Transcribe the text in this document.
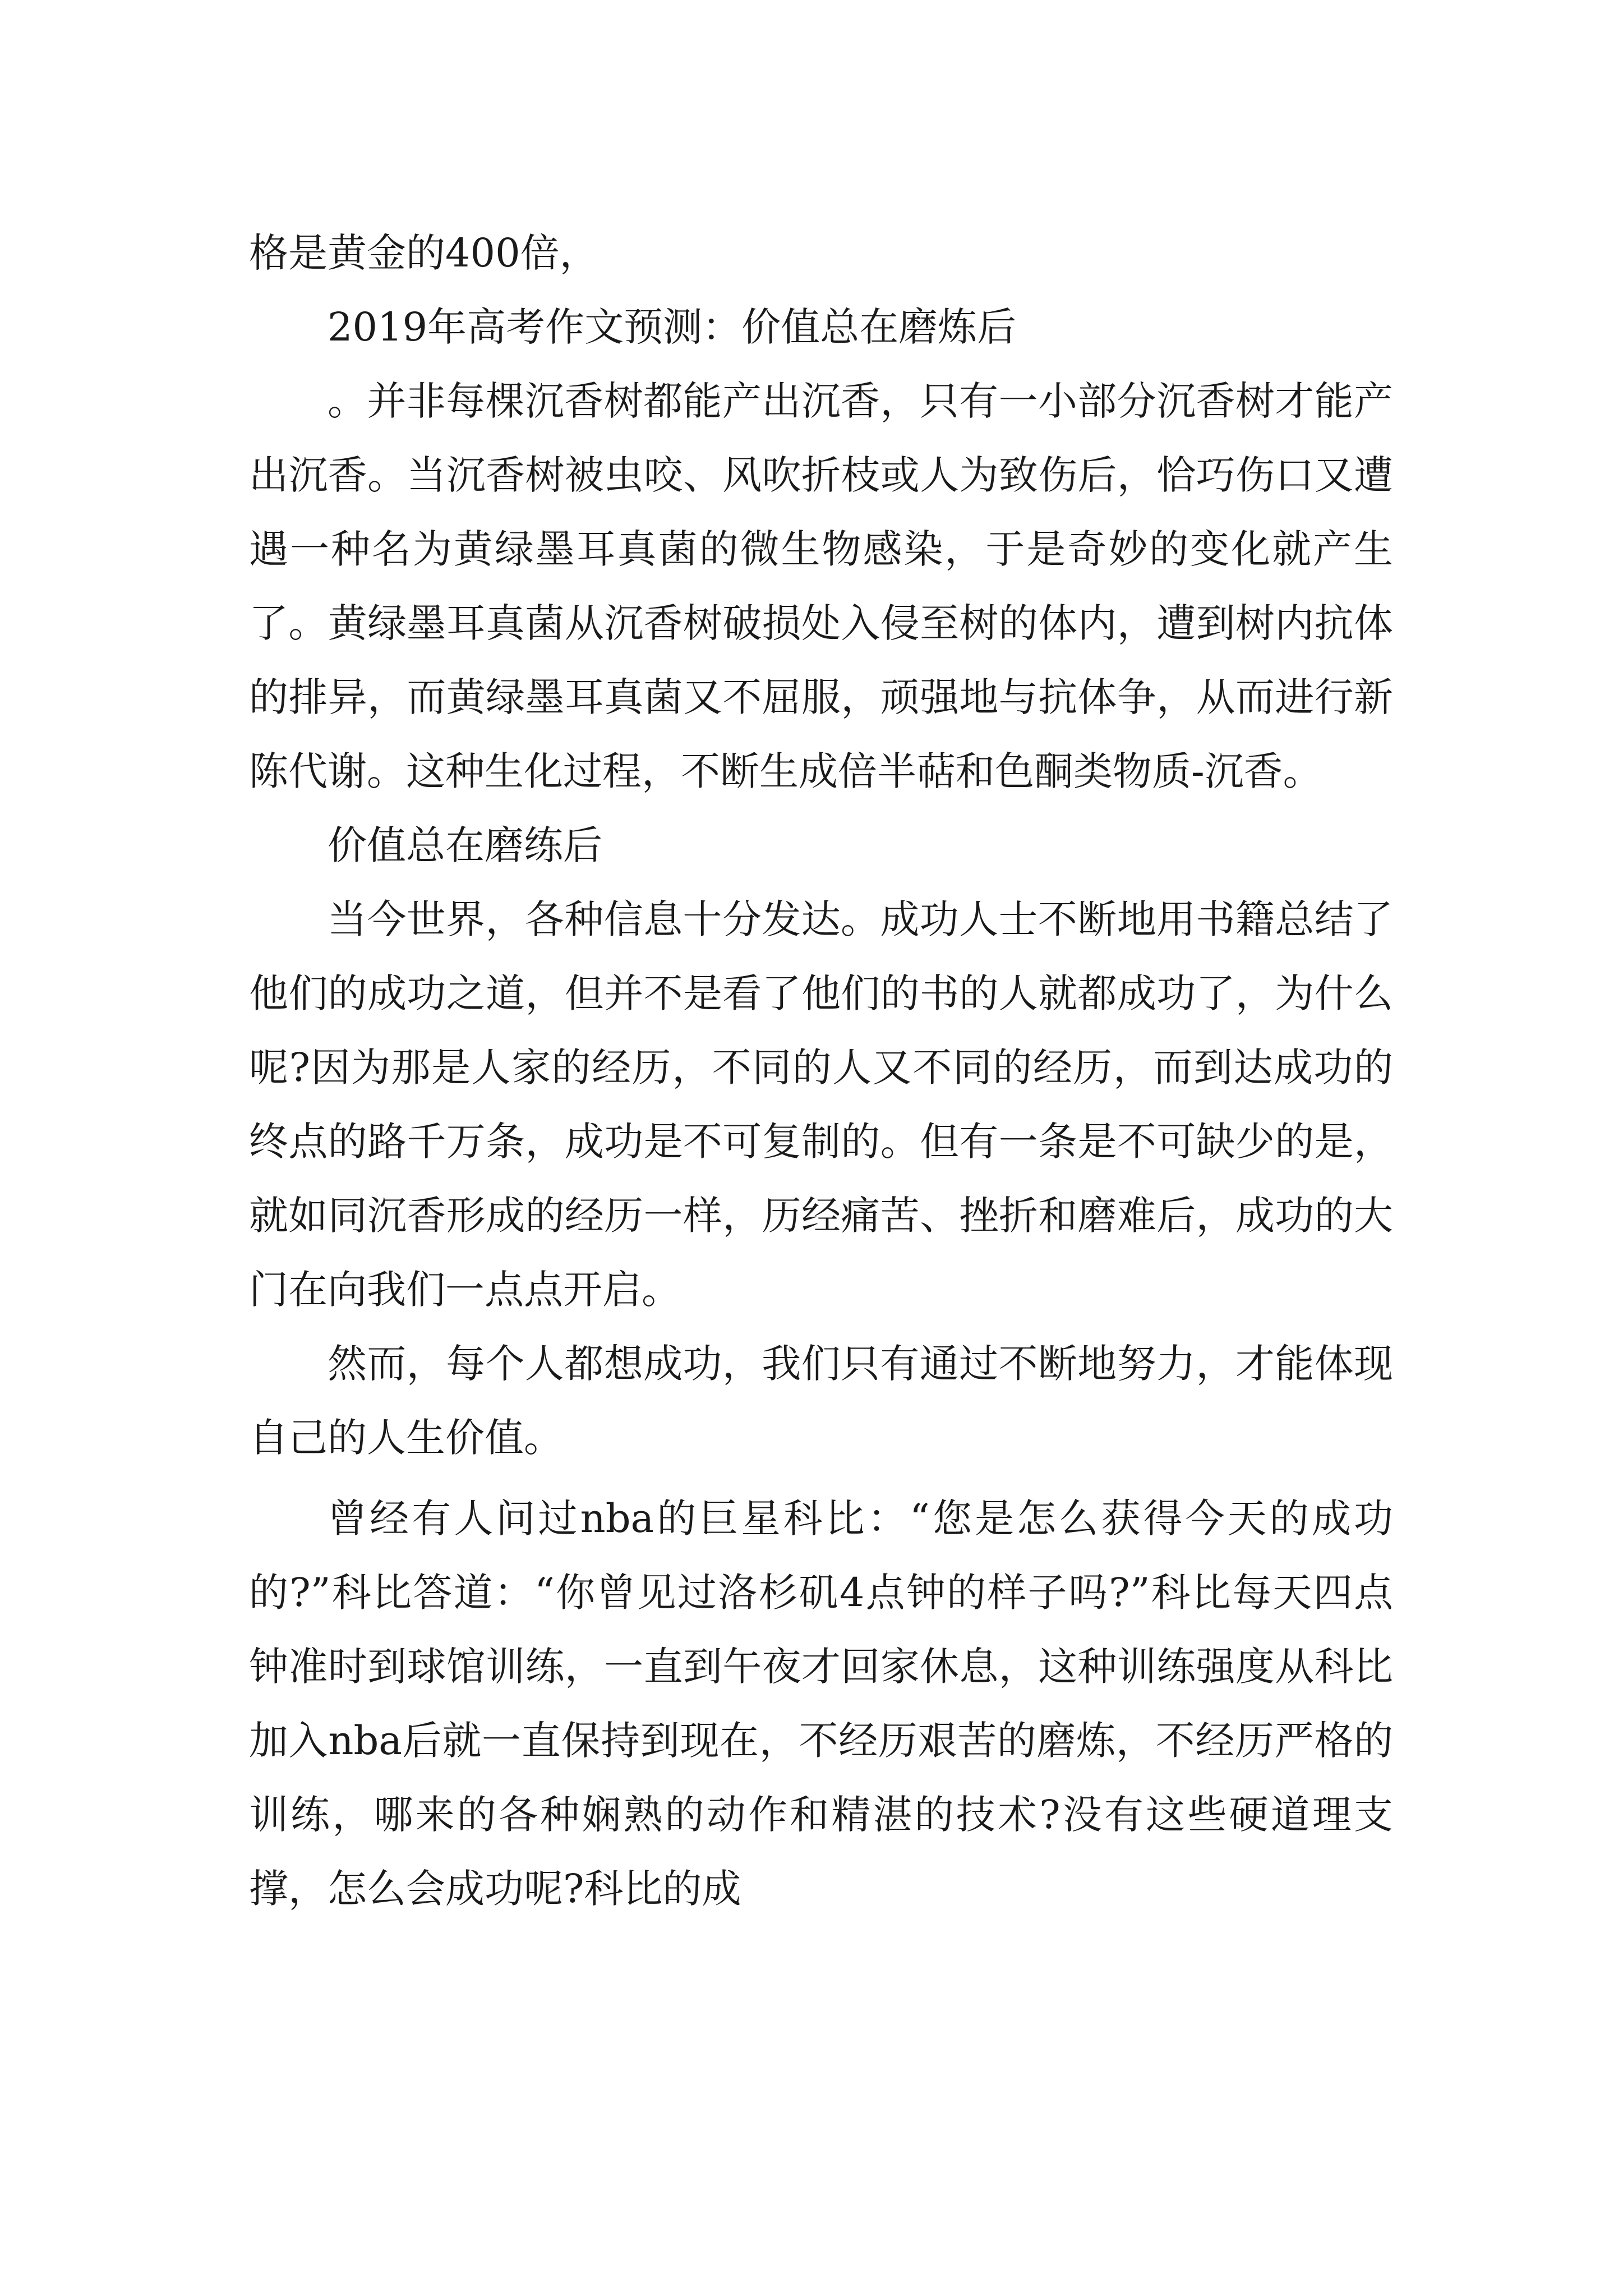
格是黄金的400倍，

2019年高考作文预测：价值总在磨炼后

。并非每棵沉香树都能产出沉香，只有一小部分沉香树才能产出沉香。当沉香树被虫咬、风吹折枝或人为致伤后，恰巧伤口又遭遇一种名为黄绿墨耳真菌的微生物感染，于是奇妙的变化就产生了。黄绿墨耳真菌从沉香树破损处入侵至树的体内，遭到树内抗体的排异，而黄绿墨耳真菌又不屈服，顽强地与抗体争，从而进行新陈代谢。这种生化过程，不断生成倍半萜和色酮类物质-沉香。

价值总在磨练后

当今世界，各种信息十分发达。成功人士不断地用书籍总结了他们的成功之道，但并不是看了他们的书的人就都成功了，为什么呢?因为那是人家的经历，不同的人又不同的经历，而到达成功的终点的路千万条，成功是不可复制的。但有一条是不可缺少的是，就如同沉香形成的经历一样，历经痛苦、挫折和磨难后，成功的大门在向我们一点点开启。

然而，每个人都想成功，我们只有通过不断地努力，才能体现自己的人生价值。

曾经有人问过nba的巨星科比：“您是怎么获得今天的成功的?”科比答道：“你曾见过洛杉矶4点钟的样子吗?”科比每天四点钟准时到球馆训练，一直到午夜才回家休息，这种训练强度从科比加入nba后就一直保持到现在，不经历艰苦的磨炼，不经历严格的训练，哪来的各种娴熟的动作和精湛的技术?没有这些硬道理支撑，怎么会成功呢?科比的成
